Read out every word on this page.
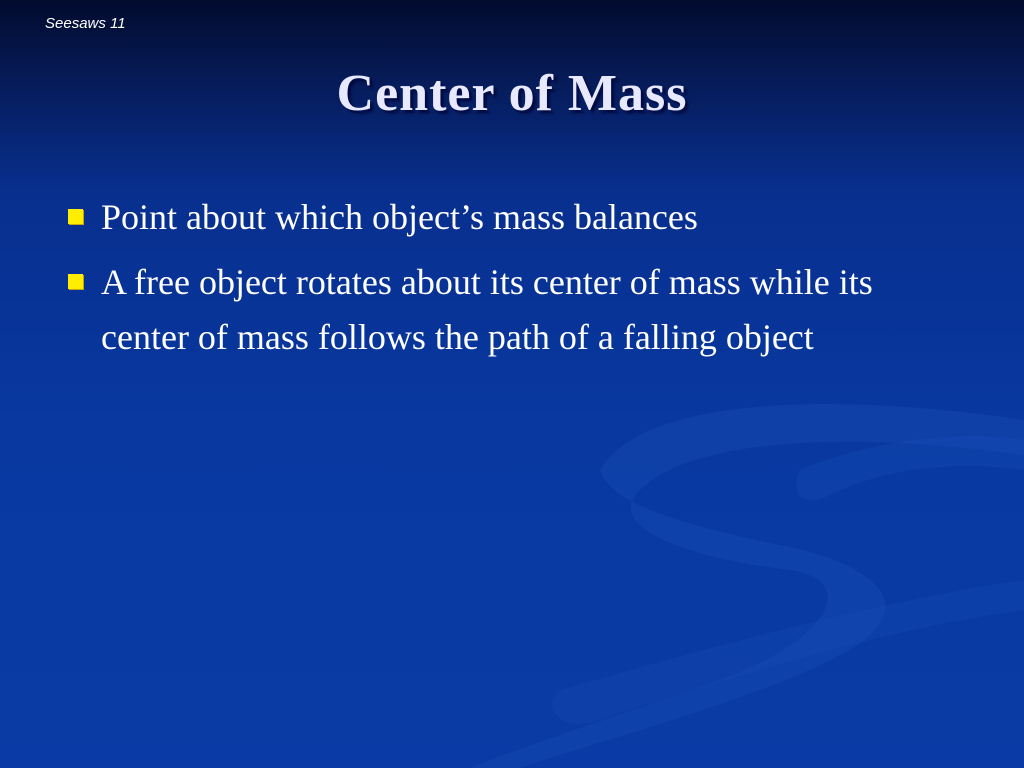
Seesaws 11
Center of Mass
Point about which object’s mass balances
A free object rotates about its center of mass while its center of mass follows the path of a falling object
